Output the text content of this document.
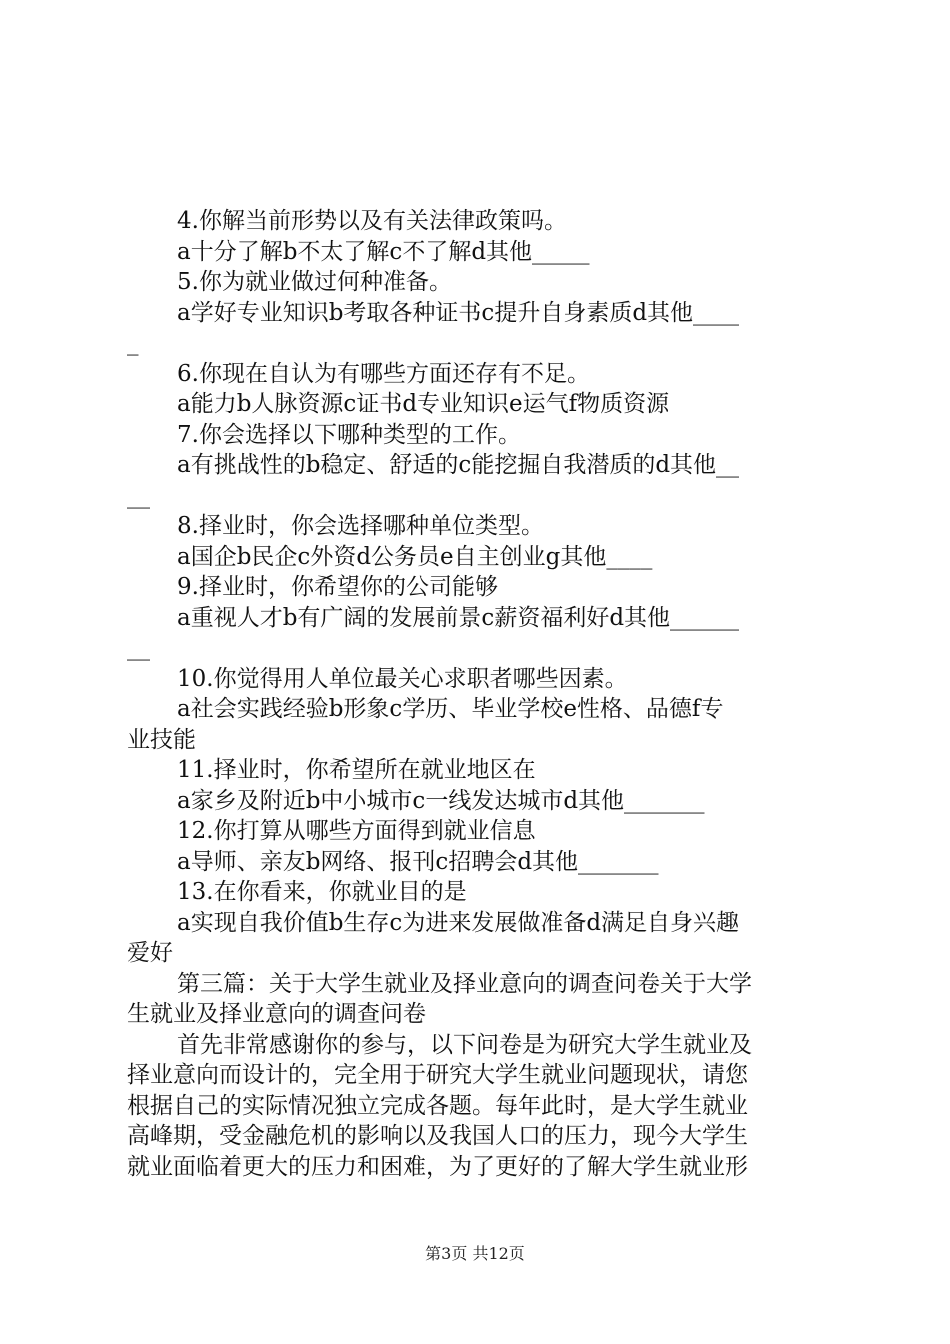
4.你解当前形势以及有关法律政策吗。
a十分了解b不太了解c不了解d其他_____
5.你为就业做过何种准备。
a学好专业知识b考取各种证书c提升自身素质d其他____
_
6.你现在自认为有哪些方面还存有不足。
a能力b人脉资源c证书d专业知识e运气f物质资源
7.你会选择以下哪种类型的工作。
a有挑战性的b稳定、舒适的c能挖掘自我潜质的d其他__
__
8.择业时，你会选择哪种单位类型。
a国企b民企c外资d公务员e自主创业g其他____
9.择业时，你希望你的公司能够
a重视人才b有广阔的发展前景c薪资福利好d其他______
__
10.你觉得用人单位最关心求职者哪些因素。
a社会实践经验b形象c学历、毕业学校e性格、品德f专
业技能
11.择业时，你希望所在就业地区在
a家乡及附近b中小城市c一线发达城市d其他_______
12.你打算从哪些方面得到就业信息
a导师、亲友b网络、报刊c招聘会d其他_______
13.在你看来，你就业目的是
a实现自我价值b生存c为进来发展做准备d满足自身兴趣
爱好
第三篇：关于大学生就业及择业意向的调查问卷关于大学
生就业及择业意向的调查问卷
首先非常感谢你的参与，以下问卷是为研究大学生就业及
择业意向而设计的，完全用于研究大学生就业问题现状，请您
根据自己的实际情况独立完成各题。每年此时，是大学生就业
高峰期，受金融危机的影响以及我国人口的压力，现今大学生
就业面临着更大的压力和困难，为了更好的了解大学生就业形
第3页 共12页
